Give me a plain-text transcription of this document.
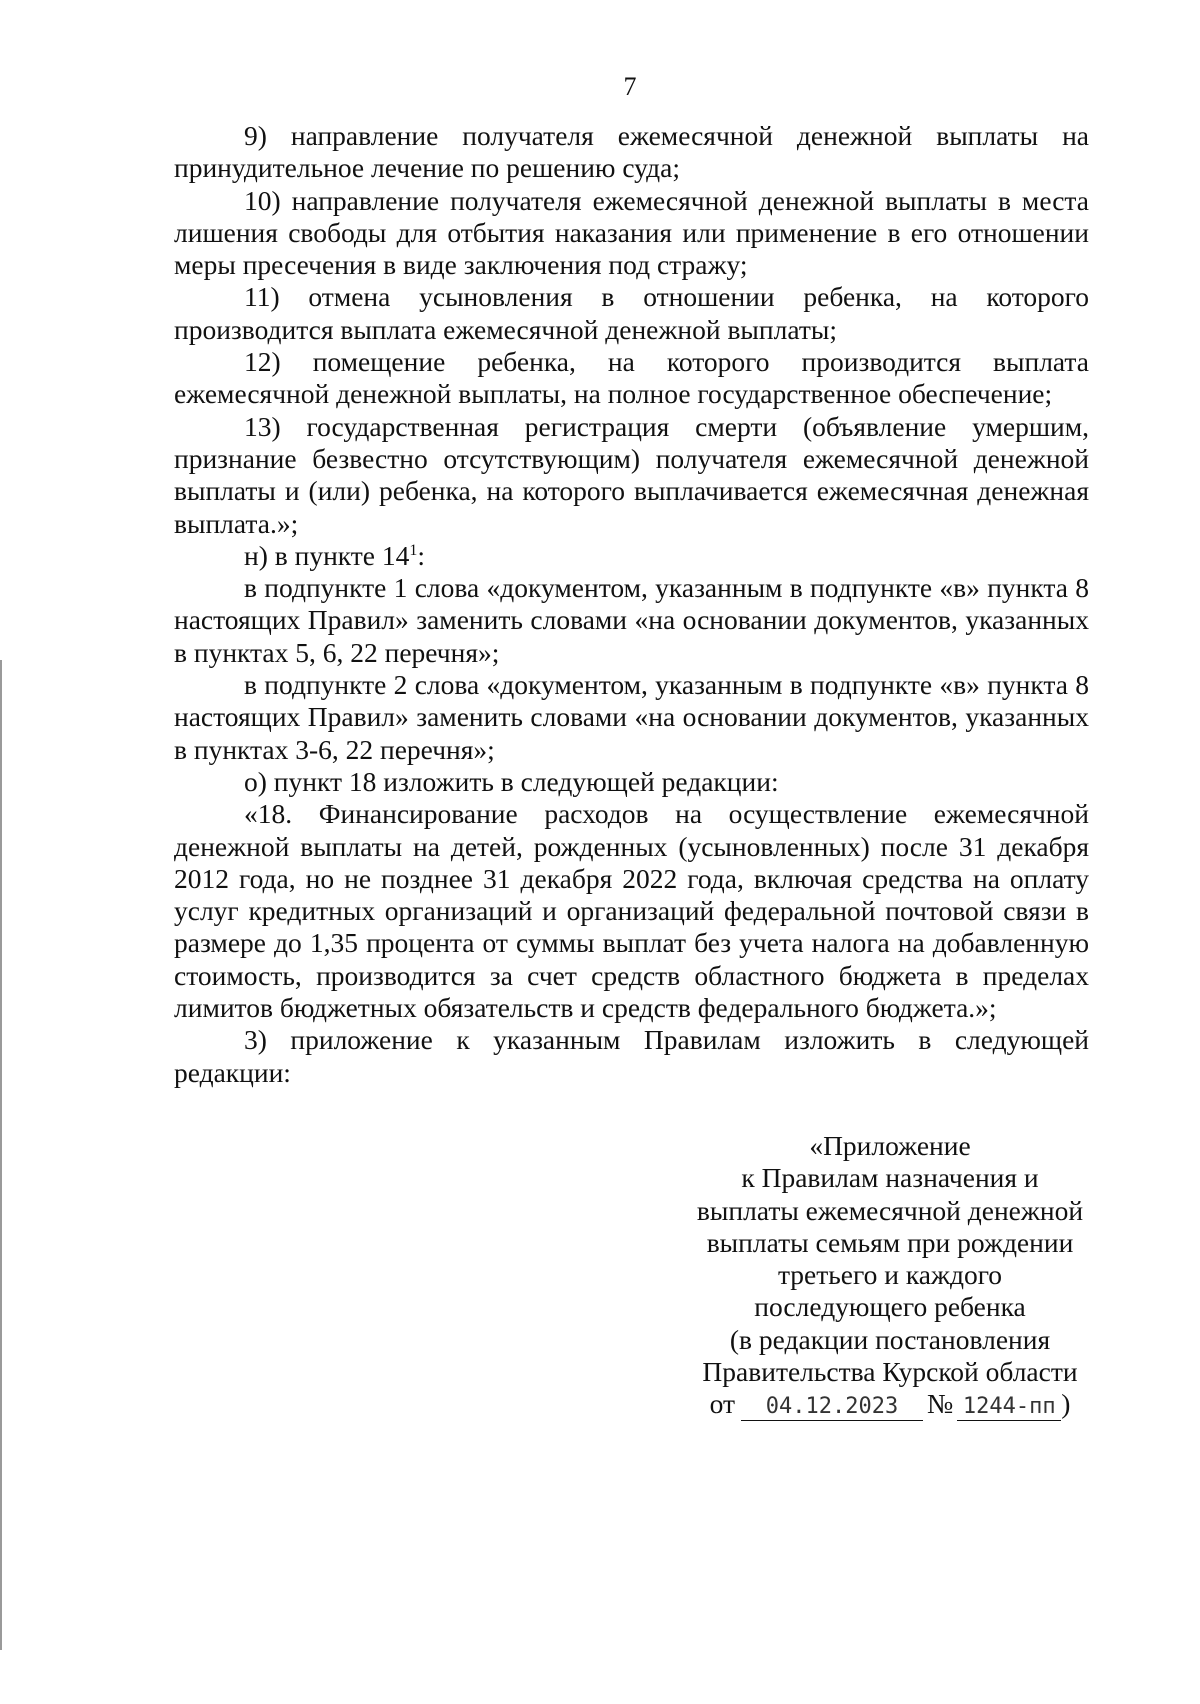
7

9) направление получателя ежемесячной денежной выплаты на принудительное лечение по решению суда;

10) направление получателя ежемесячной денежной выплаты в места лишения свободы для отбытия наказания или применение в его отношении меры пресечения в виде заключения под стражу;

11) отмена усыновления в отношении ребенка, на которого производится выплата ежемесячной денежной выплаты;

12) помещение ребенка, на которого производится выплата ежемесячной денежной выплаты, на полное государственное обеспечение;

13) государственная регистрация смерти (объявление умершим, признание безвестно отсутствующим) получателя ежемесячной денежной выплаты и (или) ребенка, на которого выплачивается ежемесячная денежная выплата.»;

н) в пункте $14^1$:

в подпункте 1 слова «документом, указанным в подпункте «в» пункта 8 настоящих Правил» заменить словами «на основании документов, указанных в пунктах 5, 6, 22 перечня»;

в подпункте 2 слова «документом, указанным в подпункте «в» пункта 8 настоящих Правил» заменить словами «на основании документов, указанных в пунктах 3-6, 22 перечня»;

о) пункт 18 изложить в следующей редакции:

«18. Финансирование расходов на осуществление ежемесячной денежной выплаты на детей, рожденных (усыновленных) после 31 декабря 2012 года, но не позднее 31 декабря 2022 года, включая средства на оплату услуг кредитных организаций и организаций федеральной почтовой связи в размере до 1,35 процента от суммы выплат без учета налога на добавленную стоимость, производится за счет средств областного бюджета в пределах лимитов бюджетных обязательств и средств федерального бюджета.»;

3) приложение к указанным Правилам изложить в следующей редакции:

«Приложение
к Правилам назначения и
выплаты ежемесячной денежной
выплаты семьям при рождении
третьего и каждого
последующего ребенка
(в редакции постановления
Правительства Курской области
от 04.12.2023 № 1244-пп )
